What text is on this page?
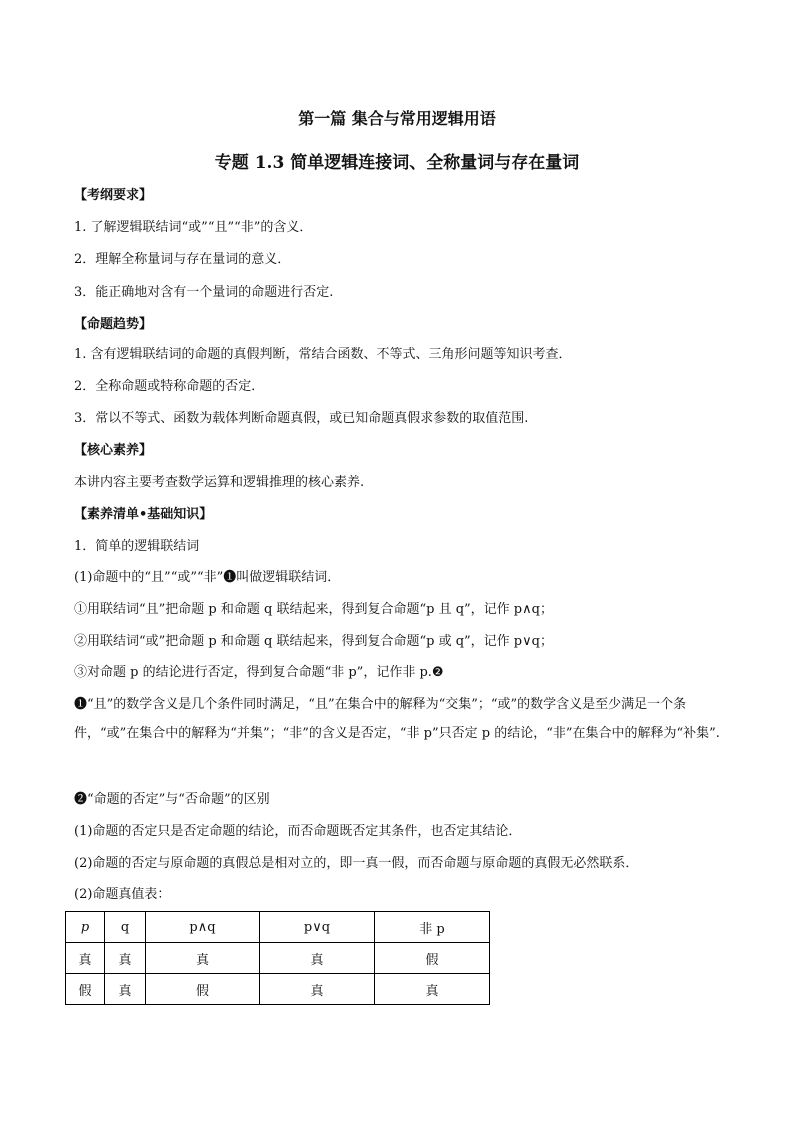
第一篇 集合与常用逻辑用语
专题 1.3 简单逻辑连接词、全称量词与存在量词
【考纲要求】
1. 了解逻辑联结词“或”“且”“非”的含义．
2．理解全称量词与存在量词的意义．
3．能正确地对含有一个量词的命题进行否定.
【命题趋势】
1. 含有逻辑联结词的命题的真假判断，常结合函数、不等式、三角形问题等知识考查．
2．全称命题或特称命题的否定．
3．常以不等式、函数为载体判断命题真假，或已知命题真假求参数的取值范围.
【核心素养】
本讲内容主要考查数学运算和逻辑推理的核心素养.
【素养清单•基础知识】
1．简单的逻辑联结词
(1)命题中的“且”“或”“非”❶叫做逻辑联结词．
①用联结词“且”把命题 p 和命题 q 联结起来，得到复合命题“p 且 q”，记作 p∧q；
②用联结词“或”把命题 p 和命题 q 联结起来，得到复合命题“p 或 q”，记作 p∨q；
③对命题 p 的结论进行否定，得到复合命题“非 p”，记作非 p.❷
❶“且”的数学含义是几个条件同时满足，“且”在集合中的解释为“交集”；“或”的数学含义是至少满足一个条件，“或”在集合中的解释为“并集”；“非”的含义是否定，“非 p”只否定 p 的结论，“非”在集合中的解释为“补集”.
❷“命题的否定”与“否命题”的区别
(1)命题的否定只是否定命题的结论，而否命题既否定其条件，也否定其结论．
(2)命题的否定与原命题的真假总是相对立的，即一真一假，而否命题与原命题的真假无必然联系．
(2)命题真值表：
p	q	p∧q	p∨q	非 p
真	真	真	真	假
假	真	假	真	真
